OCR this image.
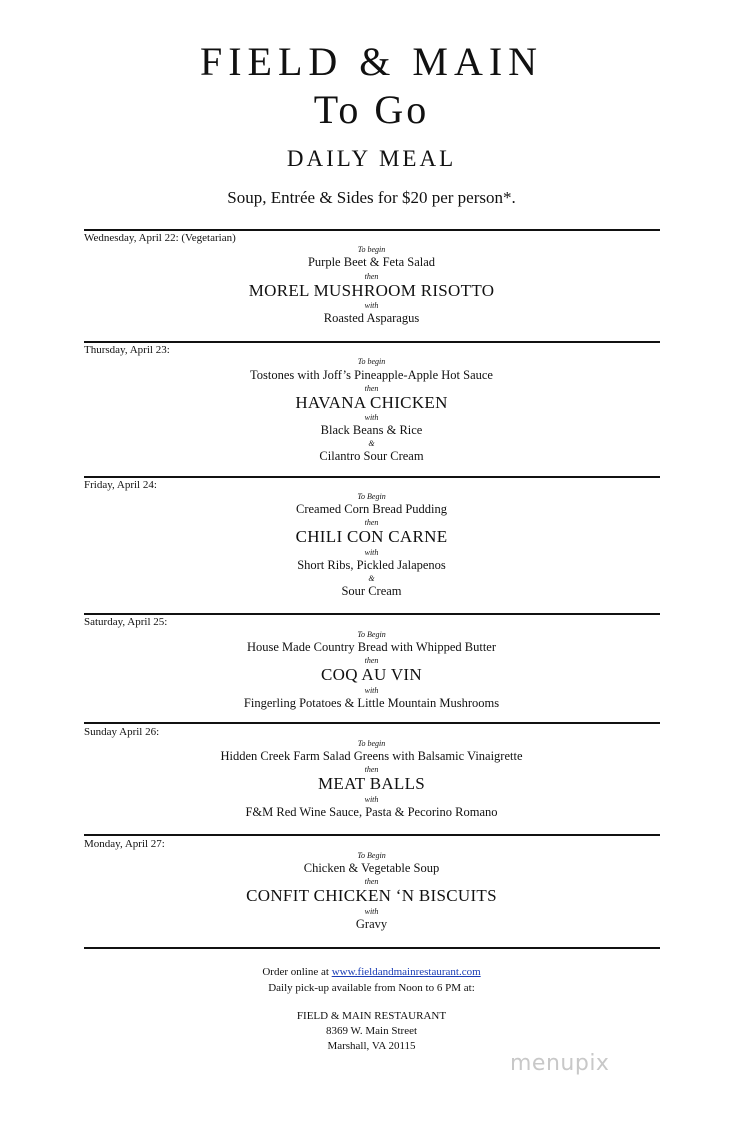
FIELD & MAIN
To Go
DAILY MEAL
Soup, Entrée & Sides for $20 per person*.
Wednesday, April 22: (Vegetarian)
To begin
Purple Beet & Feta Salad
then
MOREL MUSHROOM RISOTTO
with
Roasted Asparagus
Thursday, April 23:
To begin
Tostones with Joff’s Pineapple-Apple Hot Sauce
then
HAVANA CHICKEN
with
Black Beans & Rice
&
Cilantro Sour Cream
Friday, April 24:
To Begin
Creamed Corn Bread Pudding
then
CHILI CON CARNE
with
Short Ribs, Pickled Jalapenos
&
Sour Cream
Saturday, April 25:
To Begin
House Made Country Bread with Whipped Butter
then
COQ AU VIN
with
Fingerling Potatoes & Little Mountain Mushrooms
Sunday April 26:
To begin
Hidden Creek Farm Salad Greens with Balsamic Vinaigrette
then
MEAT BALLS
with
F&M Red Wine Sauce, Pasta & Pecorino Romano
Monday, April 27:
To Begin
Chicken & Vegetable Soup
then
CONFIT CHICKEN ‘N BISCUITS
with
Gravy
Order online at www.fieldandmainrestaurant.com
Daily pick-up available from Noon to 6 PM at:
FIELD & MAIN RESTAURANT
8369 W. Main Street
Marshall, VA 20115
menupix
